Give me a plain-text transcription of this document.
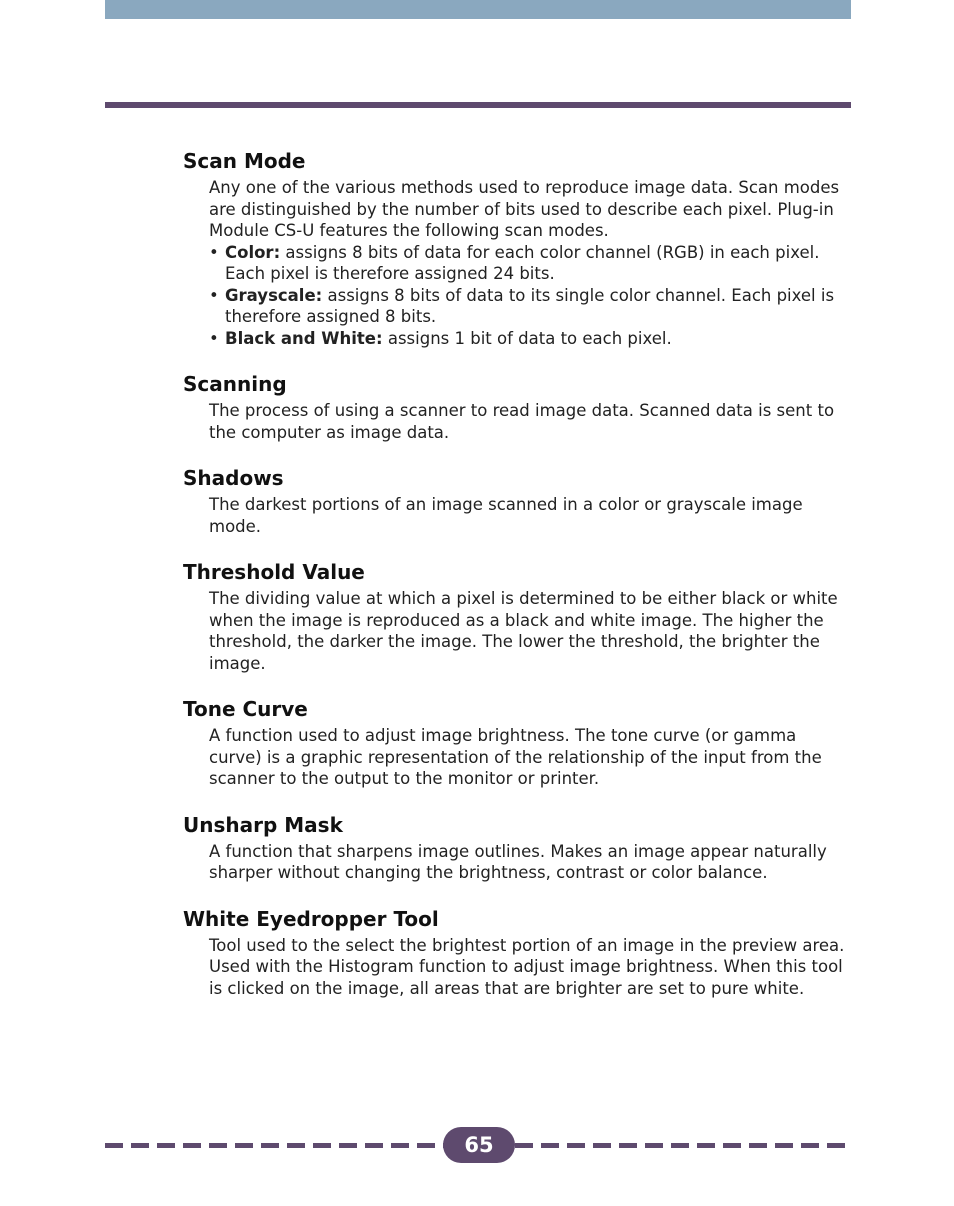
Scan Mode
Any one of the various methods used to reproduce image data. Scan modes are distinguished by the number of bits used to describe each pixel. Plug-in Module CS-U features the following scan modes.
• Color: assigns 8 bits of data for each color channel (RGB) in each pixel. Each pixel is therefore assigned 24 bits.
• Grayscale: assigns 8 bits of data to its single color channel. Each pixel is therefore assigned 8 bits.
• Black and White: assigns 1 bit of data to each pixel.
Scanning
The process of using a scanner to read image data. Scanned data is sent to the computer as image data.
Shadows
The darkest portions of an image scanned in a color or grayscale image mode.
Threshold Value
The dividing value at which a pixel is determined to be either black or white when the image is reproduced as a black and white image. The higher the threshold, the darker the image. The lower the threshold, the brighter the image.
Tone Curve
A function used to adjust image brightness. The tone curve (or gamma curve) is a graphic representation of the relationship of the input from the scanner to the output to the monitor or printer.
Unsharp Mask
A function that sharpens image outlines. Makes an image appear naturally sharper without changing the brightness, contrast or color balance.
White Eyedropper Tool
Tool used to the select the brightest portion of an image in the preview area. Used with the Histogram function to adjust image brightness. When this tool is clicked on the image, all areas that are brighter are set to pure white.
65
